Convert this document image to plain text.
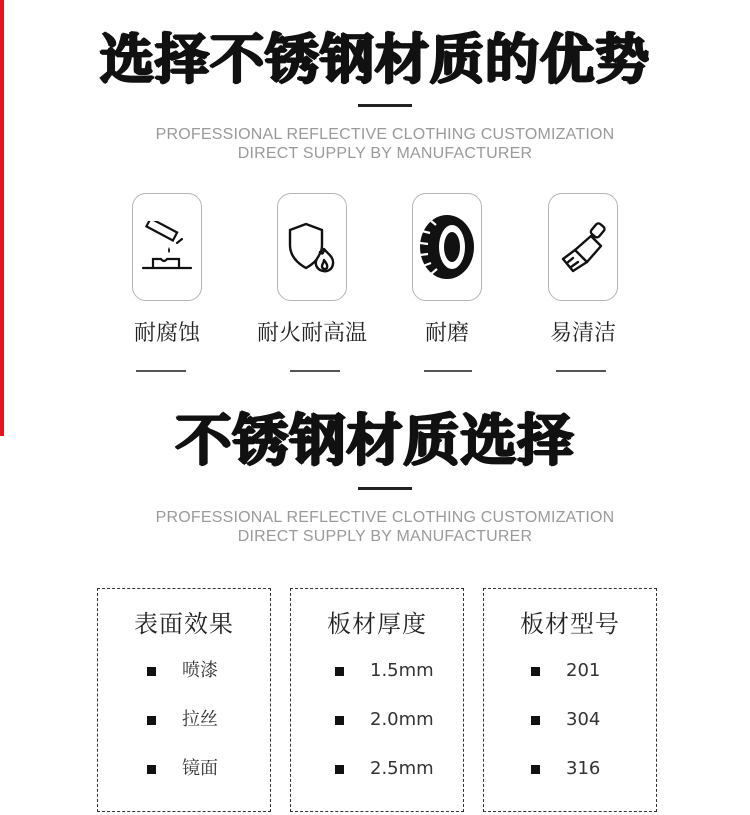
选择不锈钢材质的优势
PROFESSIONAL REFLECTIVE CLOTHING CUSTOMIZATION
DIRECT SUPPLY BY MANUFACTURER
耐腐蚀	耐火耐高温	耐磨	易清洁
不锈钢材质选择
PROFESSIONAL REFLECTIVE CLOTHING CUSTOMIZATION
DIRECT SUPPLY BY MANUFACTURER
表面效果
喷漆
拉丝
镜面
板材厚度
1.5mm
2.0mm
2.5mm
板材型号
201
304
316
